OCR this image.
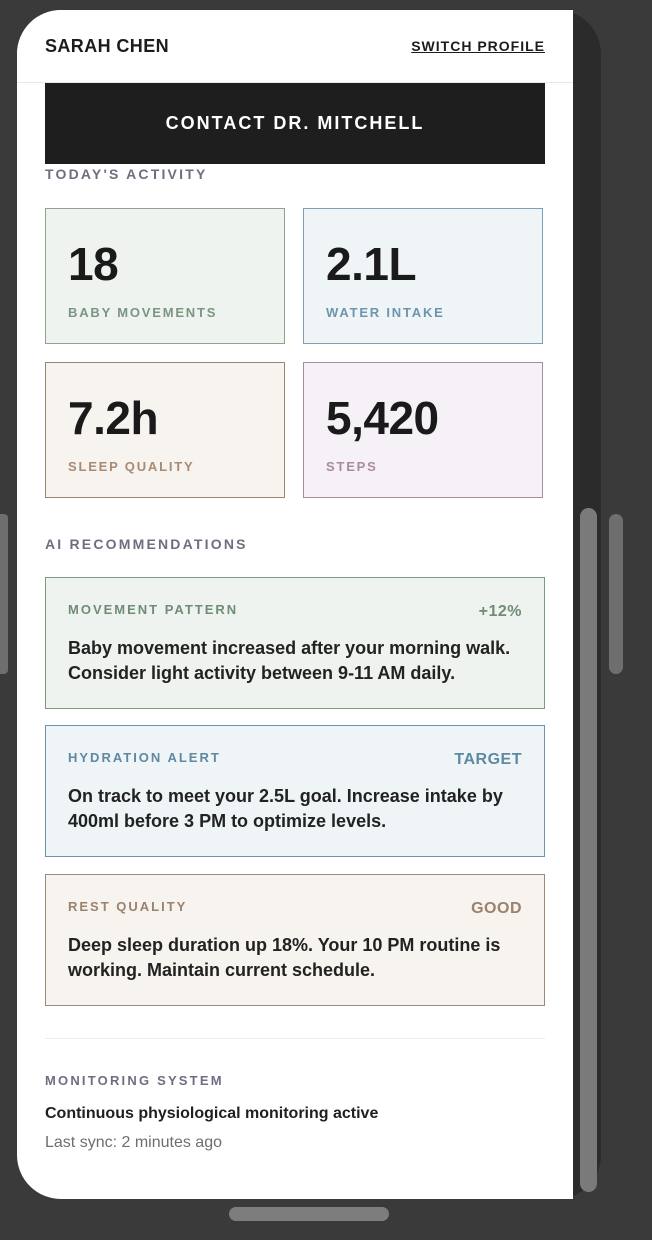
SARAH CHEN	SWITCH PROFILE
CONTACT DR. MITCHELL
TODAY'S ACTIVITY
18
BABY MOVEMENTS
2.1L
WATER INTAKE
7.2h
SLEEP QUALITY
5,420
STEPS
AI RECOMMENDATIONS
MOVEMENT PATTERN	+12%
Baby movement increased after your morning walk. Consider light activity between 9-11 AM daily.
HYDRATION ALERT	TARGET
On track to meet your 2.5L goal. Increase intake by 400ml before 3 PM to optimize levels.
REST QUALITY	GOOD
Deep sleep duration up 18%. Your 10 PM routine is working. Maintain current schedule.
MONITORING SYSTEM
Continuous physiological monitoring active
Last sync: 2 minutes ago
